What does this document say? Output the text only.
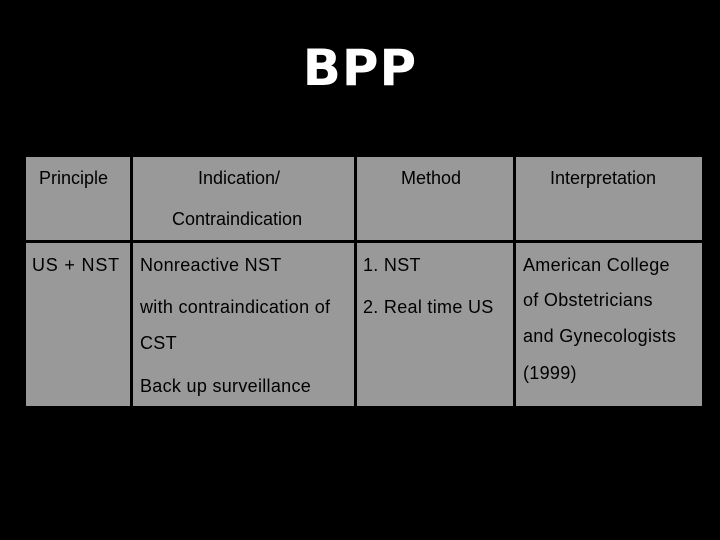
BPP
Principle	Indication/
Contraindication
Method	Interpretation
US + NST Nonreactive NST
with contraindication of
CST
Back up surveillance
1. NST
2. Real time US
American College
of Obstetricians
and Gynecologists
(1999)
